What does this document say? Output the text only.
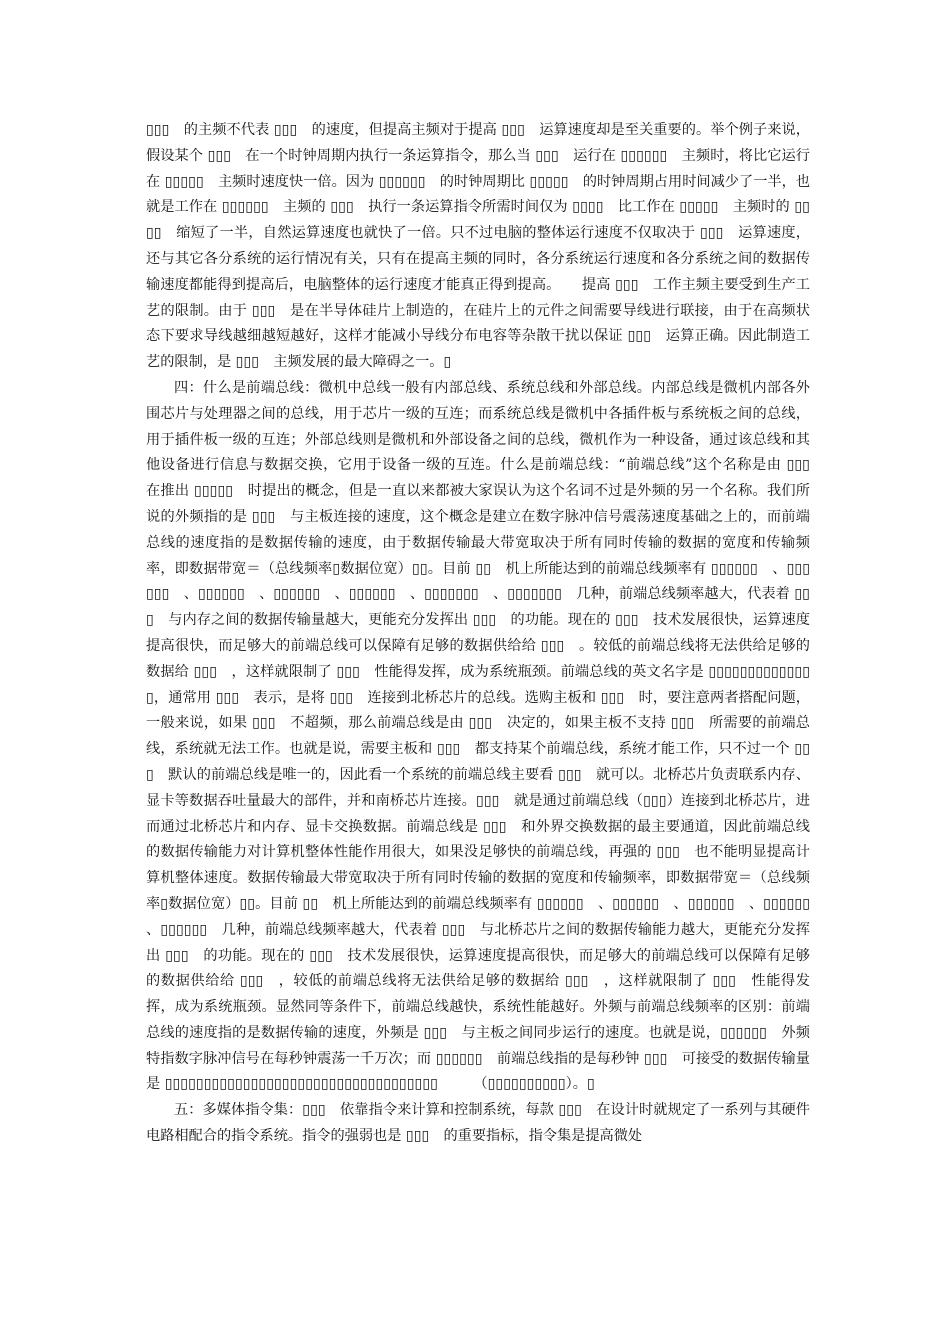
▯▯▯　的主频不代表 ▯▯▯　的速度，但提高主频对于提高 ▯▯▯　运算速度却是至关重要的。举个例子来说，假设某个 ▯▯▯　在一个时钟周期内执行一条运算指令，那么当 ▯▯▯　运行在 ▯▯▯▯▯▯　主频时，将比它运行在 ▯▯▯▯▯　主频时速度快一倍。因为 ▯▯▯▯▯▯　的时钟周期比 ▯▯▯▯▯　的时钟周期占用时间减少了一半，也就是工作在 ▯▯▯▯▯▯　主频的 ▯▯▯　执行一条运算指令所需时间仅为 ▯▯▯▯　比工作在 ▯▯▯▯▯　主频时的 ▯▯▯▯　缩短了一半，自然运算速度也就快了一倍。只不过电脑的整体运行速度不仅取决于 ▯▯▯　运算速度，还与其它各分系统的运行情况有关，只有在提高主频的同时，各分系统运行速度和各分系统之间的数据传输速度都能得到提高后，电脑整体的运行速度才能真正得到提高。　　提高 ▯▯▯　工作主频主要受到生产工艺的限制。由于 ▯▯▯　是在半导体硅片上制造的，在硅片上的元件之间需要导线进行联接，由于在高频状态下要求导线越细越短越好，这样才能减小导线分布电容等杂散干扰以保证 ▯▯▯　运算正确。因此制造工艺的限制，是 ▯▯▯　主频发展的最大障碍之一。▯

四：什么是前端总线：微机中总线一般有内部总线、系统总线和外部总线。内部总线是微机内部各外围芯片与处理器之间的总线，用于芯片一级的互连；而系统总线是微机中各插件板与系统板之间的总线，用于插件板一级的互连；外部总线则是微机和外部设备之间的总线，微机作为一种设备，通过该总线和其他设备进行信息与数据交换，它用于设备一级的互连。什么是前端总线：“前端总线”这个名称是由 ▯▯▯　在推出 ▯▯▯▯▯　时提出的概念，但是一直以来都被大家误认为这个名词不过是外频的另一个名称。我们所说的外频指的是 ▯▯▯　与主板连接的速度，这个概念是建立在数字脉冲信号震荡速度基础之上的，而前端总线的速度指的是数据传输的速度，由于数据传输最大带宽取决于所有同时传输的数据的宽度和传输频率，即数据带宽＝（总线频率▯数据位宽）▯▯。目前 ▯▯　机上所能达到的前端总线频率有 ▯▯▯▯▯▯　、▯▯▯▯▯▯　、▯▯▯▯▯▯　、▯▯▯▯▯▯　、▯▯▯▯▯▯　、▯▯▯▯▯▯▯　、▯▯▯▯▯▯▯　几种，前端总线频率越大，代表着 ▯▯▯　与内存之间的数据传输量越大，更能充分发挥出 ▯▯▯　的功能。现在的 ▯▯▯　技术发展很快，运算速度提高很快，而足够大的前端总线可以保障有足够的数据供给给 ▯▯▯　。较低的前端总线将无法供给足够的数据给 ▯▯▯　，这样就限制了 ▯▯▯　性能得发挥，成为系统瓶颈。前端总线的英文名字是 ▯▯▯▯▯▯▯▯▯▯▯▯▯▯，通常用 ▯▯▯　表示，是将 ▯▯▯　连接到北桥芯片的总线。选购主板和 ▯▯▯　时，要注意两者搭配问题，一般来说，如果 ▯▯▯　不超频，那么前端总线是由 ▯▯▯　决定的，如果主板不支持 ▯▯▯　所需要的前端总线，系统就无法工作。也就是说，需要主板和 ▯▯▯　都支持某个前端总线，系统才能工作，只不过一个 ▯▯▯　默认的前端总线是唯一的，因此看一个系统的前端总线主要看 ▯▯▯　就可以。北桥芯片负责联系内存、显卡等数据吞吐量最大的部件，并和南桥芯片连接。▯▯▯　就是通过前端总线（▯▯▯）连接到北桥芯片，进而通过北桥芯片和内存、显卡交换数据。前端总线是 ▯▯▯　和外界交换数据的最主要通道，因此前端总线的数据传输能力对计算机整体性能作用很大，如果没足够快的前端总线，再强的 ▯▯▯　也不能明显提高计算机整体速度。数据传输最大带宽取决于所有同时传输的数据的宽度和传输频率，即数据带宽＝（总线频率▯数据位宽）▯▯。目前 ▯▯　机上所能达到的前端总线频率有 ▯▯▯▯▯▯　、▯▯▯▯▯▯　、▯▯▯▯▯▯　、▯▯▯▯▯▯　、▯▯▯▯▯▯　几种，前端总线频率越大，代表着 ▯▯▯　与北桥芯片之间的数据传输能力越大，更能充分发挥出 ▯▯▯　的功能。现在的 ▯▯▯　技术发展很快，运算速度提高很快，而足够大的前端总线可以保障有足够的数据供给给 ▯▯▯　，较低的前端总线将无法供给足够的数据给 ▯▯▯　，这样就限制了 ▯▯▯　性能得发挥，成为系统瓶颈。显然同等条件下，前端总线越快，系统性能越好。外频与前端总线频率的区别：前端总线的速度指的是数据传输的速度，外频是 ▯▯▯　与主板之间同步运行的速度。也就是说，▯▯▯▯▯▯　外频特指数字脉冲信号在每秒钟震荡一千万次；而 ▯▯▯▯▯▯　前端总线指的是每秒钟 ▯▯▯　可接受的数据传输量是 ▯▯▯▯▯▯▯▯▯▯▯▯▯▯▯▯▯▯▯▯▯▯▯▯▯▯▯▯▯▯▯▯▯▯▯　　　（▯▯▯▯▯▯▯▯▯▯）。▯

五：多媒体指令集：▯▯▯　依靠指令来计算和控制系统，每款 ▯▯▯　在设计时就规定了一系列与其硬件电路相配合的指令系统。指令的强弱也是 ▯▯▯　的重要指标，指令集是提高微处
